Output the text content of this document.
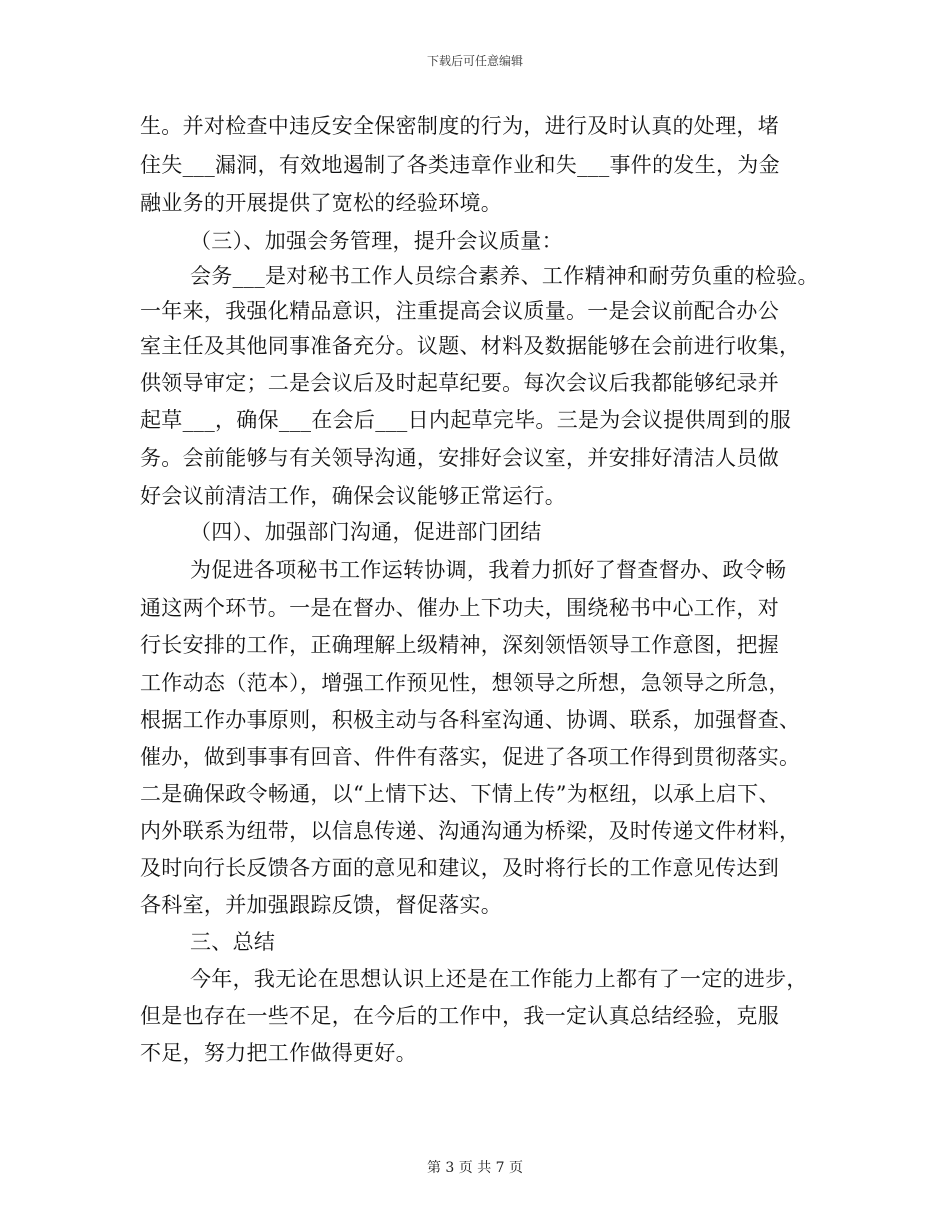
下载后可任意编辑
生。并对检查中违反安全保密制度的行为，进行及时认真的处理，堵
住失___漏洞，有效地遏制了各类违章作业和失___事件的发生，为金
融业务的开展提供了宽松的经验环境。
（三）、加强会务管理，提升会议质量：
会务___是对秘书工作人员综合素养、工作精神和耐劳负重的检验。
一年来，我强化精品意识，注重提高会议质量。一是会议前配合办公
室主任及其他同事准备充分。议题、材料及数据能够在会前进行收集，
供领导审定；二是会议后及时起草纪要。每次会议后我都能够纪录并
起草___，确保___在会后___日内起草完毕。三是为会议提供周到的服
务。会前能够与有关领导沟通，安排好会议室，并安排好清洁人员做
好会议前清洁工作，确保会议能够正常运行。
（四）、加强部门沟通，促进部门团结
为促进各项秘书工作运转协调，我着力抓好了督查督办、政令畅
通这两个环节。一是在督办、催办上下功夫，围绕秘书中心工作，对
行长安排的工作，正确理解上级精神，深刻领悟领导工作意图，把握
工作动态（范本），增强工作预见性，想领导之所想，急领导之所急，
根据工作办事原则，积极主动与各科室沟通、协调、联系，加强督查、
催办，做到事事有回音、件件有落实，促进了各项工作得到贯彻落实。
二是确保政令畅通，以“上情下达、下情上传”为枢纽，以承上启下、
内外联系为纽带，以信息传递、沟通沟通为桥梁，及时传递文件材料，
及时向行长反馈各方面的意见和建议，及时将行长的工作意见传达到
各科室，并加强跟踪反馈，督促落实。
三、总结
今年，我无论在思想认识上还是在工作能力上都有了一定的进步，
但是也存在一些不足，在今后的工作中，我一定认真总结经验，克服
不足，努力把工作做得更好。
第 3 页 共 7 页
